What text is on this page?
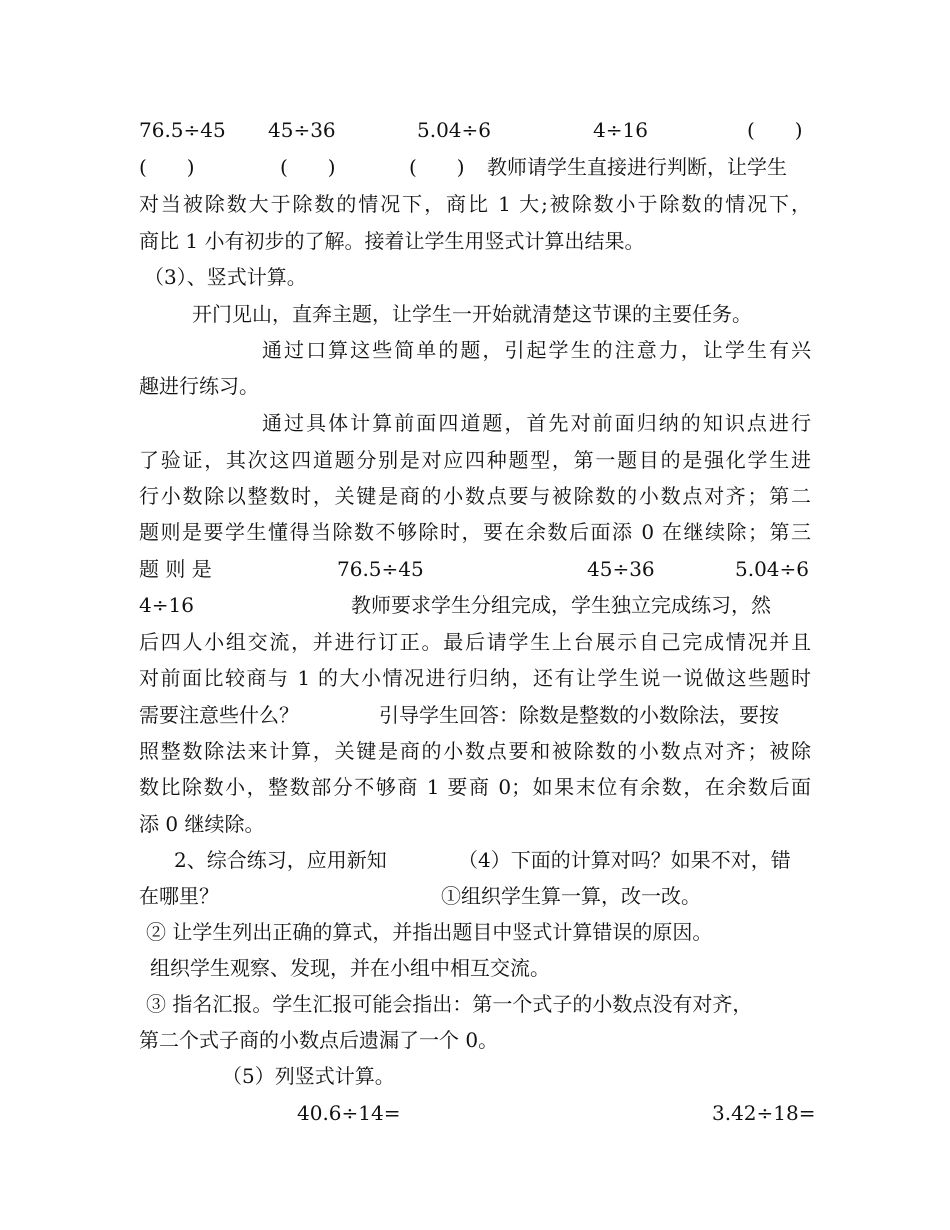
76.5÷45 45÷36	5.04÷6	4÷16	(　　)
(　　)	(　　)	(　　) 教师请学生直接进行判断，让学生
对当被除数大于除数的情况下，商比 1 大;被除数小于除数的情况下，
商比 1 小有初步的了解。接着让学生用竖式计算出结果。
（3）、竖式计算。
开门见山，直奔主题，让学生一开始就清楚这节课的主要任务。
通过口算这些简单的题，引起学生的注意力，让学生有兴
趣进行练习。
通过具体计算前面四道题，首先对前面归纳的知识点进行
了验证，其次这四道题分别是对应四种题型，第一题目的是强化学生进
行小数除以整数时，关键是商的小数点要与被除数的小数点对齐；第二
题则是要学生懂得当除数不够除时，要在余数后面添 0 在继续除；第三
题 则 是	76.5÷45	45÷36	5.04÷6
4÷16	教师要求学生分组完成，学生独立完成练习，然
后四人小组交流，并进行订正。最后请学生上台展示自己完成情况并且
对前面比较商与 1 的大小情况进行归纳，还有让学生说一说做这些题时
需要注意些什么？	引导学生回答：除数是整数的小数除法，要按
照整数除法来计算，关键是商的小数点要和被除数的小数点对齐；被除
数比除数小，整数部分不够商 1 要商 0；如果末位有余数，在余数后面
添 0 继续除。
2、综合练习，应用新知	（4）下面的计算对吗？如果不对，错
在哪里？	①组织学生算一算，改一改。
② 让学生列出正确的算式，并指出题目中竖式计算错误的原因。
组织学生观察、发现，并在小组中相互交流。
③ 指名汇报。学生汇报可能会指出：第一个式子的小数点没有对齐，
第二个式子商的小数点后遗漏了一个 0。
（5）列竖式计算。
40.6÷14=	3.42÷18=
